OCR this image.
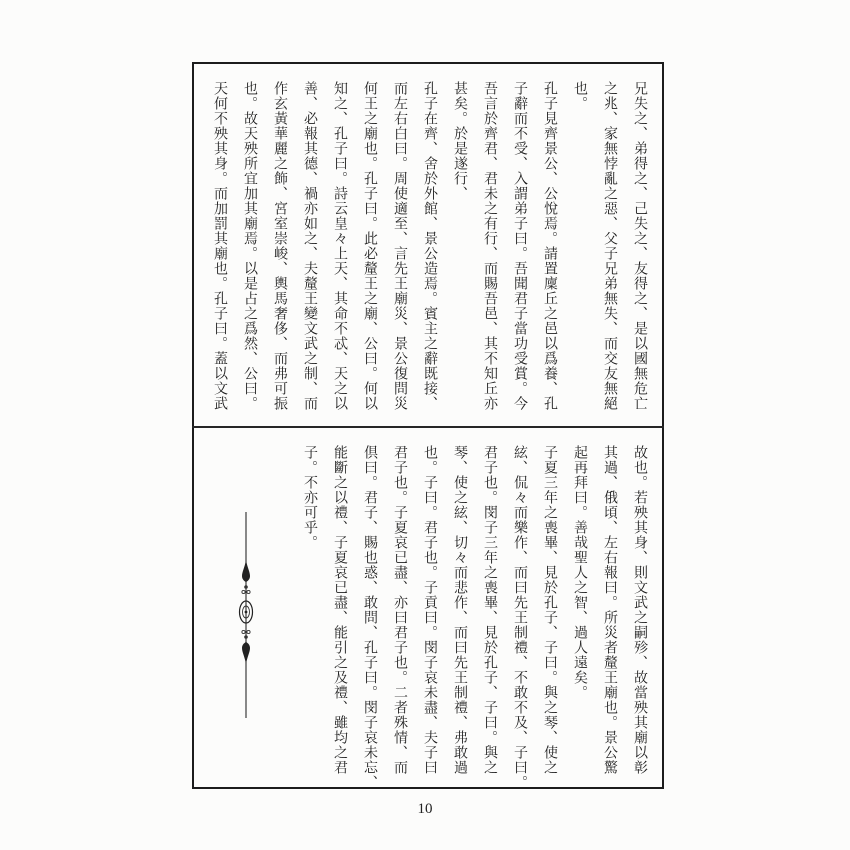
兄失之、弟得之、己失之、友得之、是以國無危亡
之兆、家無悖亂之惡、父子兄弟無失、而交友無絕
也。
孔子見齊景公、公悅焉。請置廩丘之邑以爲養、孔
子辭而不受、入謂弟子曰。吾聞君子當功受賞。今
吾言於齊君、君未之有行、而賜吾邑、其不知丘亦
甚矣。於是遂行、
孔子在齊、舍於外館、景公造焉。賓主之辭既接、
而左右白曰。周使適至、言先王廟災、景公復問災
何王之廟也。孔子曰。此必釐王之廟、公曰。何以
知之、孔子曰。詩云皇々上天、其命不忒、天之以
善、必報其德、禍亦如之、夫釐王變文武之制、而
作玄黃華麗之飾、宮室崇峻、輿馬奢侈、而弗可振
也。故天殃所宜加其廟焉。以是占之爲然、公曰。
天何不殃其身。而加罰其廟也。孔子曰。蓋以文武
故也。若殃其身、則文武之嗣殄、故當殃其廟以彰
其過、俄頃、左右報曰。所災者釐王廟也。景公驚
起再拜曰。善哉聖人之智、過人遠矣。
子夏三年之喪畢、見於孔子、子曰。與之琴、使之
絃、侃々而樂作、而曰先王制禮、不敢不及、子曰。
君子也。閔子三年之喪畢、見於孔子、子曰。與之
琴、使之絃、切々而悲作、而曰先王制禮、弗敢過
也。子曰。君子也。子貢曰。閔子哀未盡、夫子曰
君子也。子夏哀已盡、亦曰君子也。二者殊情、而
倶曰。君子、賜也惑、敢問、孔子曰。閔子哀未忘、
能斷之以禮、子夏哀已盡、能引之及禮、雖均之君
子。不亦可乎。
10
